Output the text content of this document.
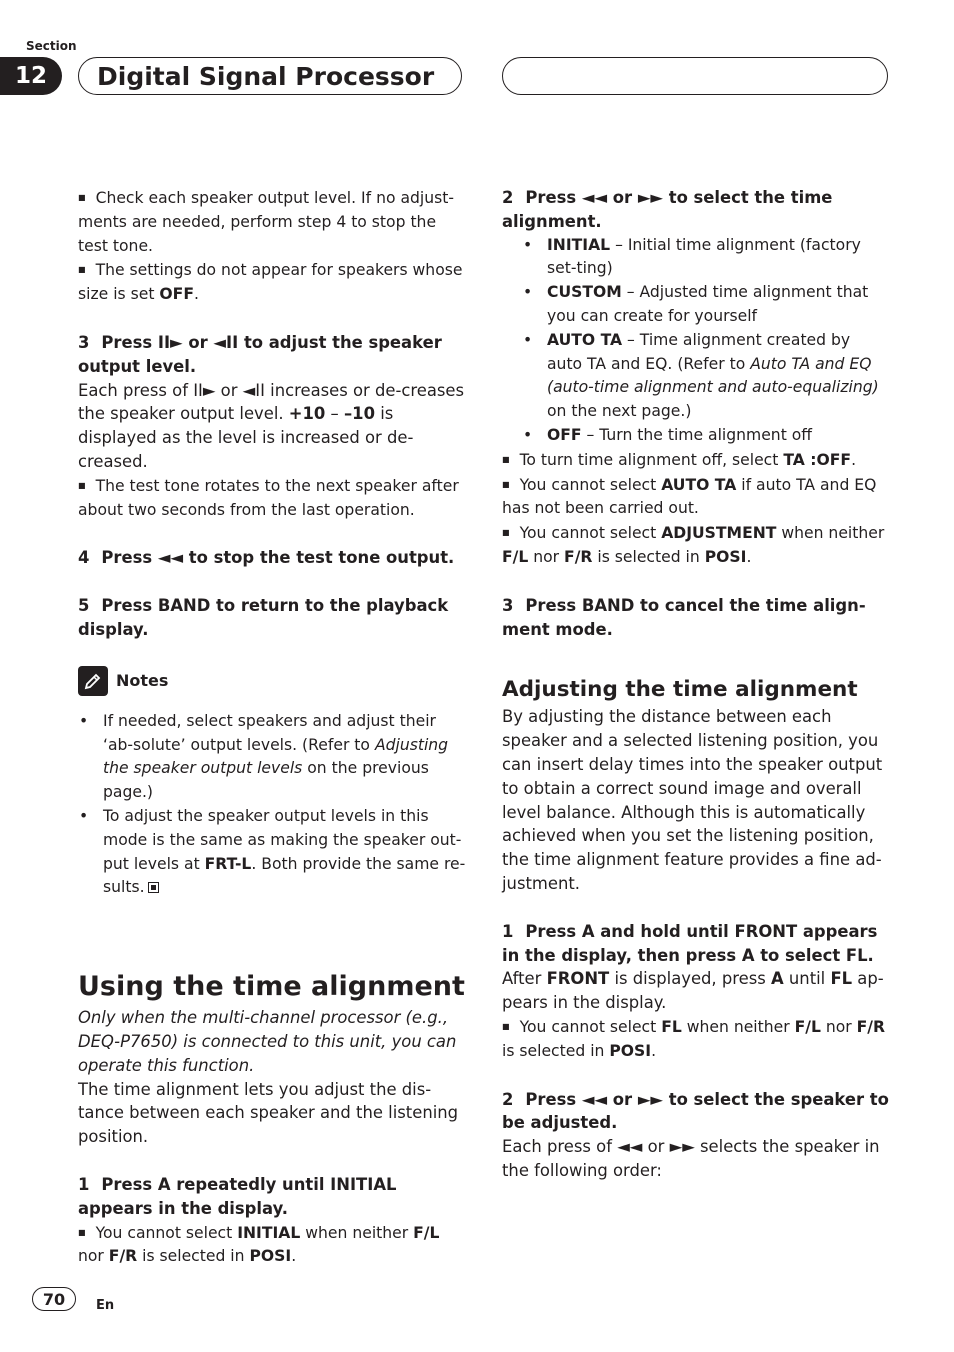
Section
12	Digital Signal Processor

■ Check each speaker output level. If no adjust-ments are needed, perform step 4 to stop the test tone.

■ The settings do not appear for speakers whose size is set OFF.

3 Press II► or ◄II to adjust the speaker output level.

Each press of II► or ◄II increases or de-creases the speaker output level. +10 – –10 is displayed as the level is increased or de-creased.

■ The test tone rotates to the next speaker after about two seconds from the last operation.

4 Press ◄◄ to stop the test tone output.

5 Press BAND to return to the playback display.

Notes

• If needed, select speakers and adjust their ‘ab-solute’ output levels. (Refer to Adjusting the speaker output levels on the previous page.)

• To adjust the speaker output levels in this mode is the same as making the speaker out-put levels at FRT-L. Both provide the same re-sults.

Using the time alignment

Only when the multi-channel processor (e.g., DEQ-P7650) is connected to this unit, you can operate this function.

The time alignment lets you adjust the dis-tance between each speaker and the listening position.

1 Press A repeatedly until INITIAL appears in the display.

■ You cannot select INITIAL when neither F/L nor F/R is selected in POSI.

2 Press ◄◄ or ►► to select the time alignment.

• INITIAL – Initial time alignment (factory set-ting)

• CUSTOM – Adjusted time alignment that you can create for yourself

• AUTO TA – Time alignment created by auto TA and EQ. (Refer to Auto TA and EQ (auto-time alignment and auto-equalizing) on the next page.)

• OFF – Turn the time alignment off

■ To turn time alignment off, select TA :OFF.

■ You cannot select AUTO TA if auto TA and EQ has not been carried out.

■ You cannot select ADJUSTMENT when neither F/L nor F/R is selected in POSI.

3 Press BAND to cancel the time align-ment mode.

Adjusting the time alignment

By adjusting the distance between each speaker and a selected listening position, you can insert delay times into the speaker output to obtain a correct sound image and overall level balance. Although this is automatically achieved when you set the listening position, the time alignment feature provides a fine ad-justment.

1 Press A and hold until FRONT appears in the display, then press A to select FL.

After FRONT is displayed, press A until FL ap-pears in the display.

■ You cannot select FL when neither F/L nor F/R is selected in POSI.

2 Press ◄◄ or ►► to select the speaker to be adjusted.

Each press of ◄◄ or ►► selects the speaker in the following order:

70	En
